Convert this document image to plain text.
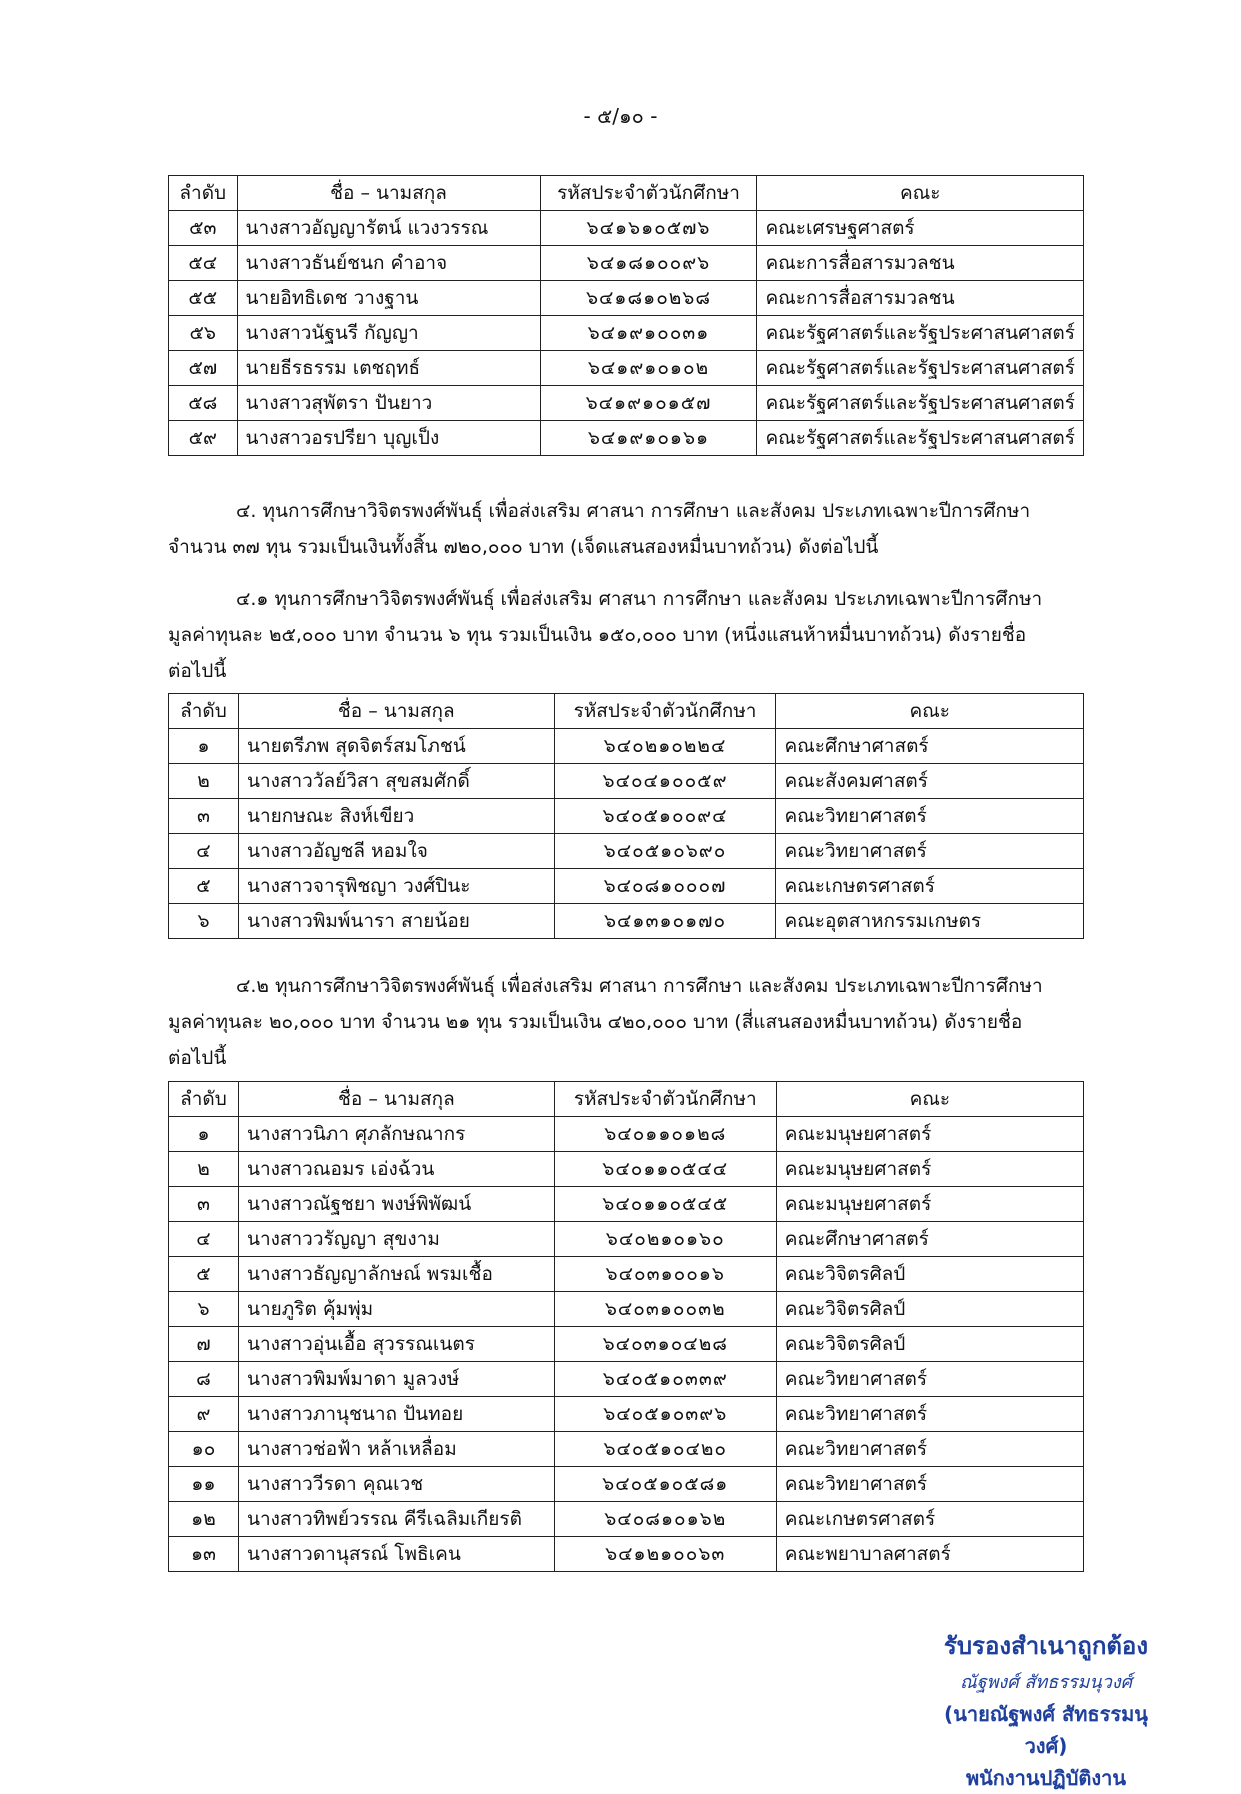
- ๕/๑๐ -
ลำดับ	ชื่อ – นามสกุล	รหัสประจำตัวนักศึกษา	คณะ
๕๓	นางสาวอัญญารัตน์ แวงวรรณ	๖๔๑๖๑๐๕๗๖	คณะเศรษฐศาสตร์
๕๔	นางสาวธันย์ชนก คำอาจ	๖๔๑๘๑๐๐๙๖	คณะการสื่อสารมวลชน
๕๕	นายอิทธิเดช วางฐาน	๖๔๑๘๑๐๒๖๘	คณะการสื่อสารมวลชน
๕๖	นางสาวนัฐนรี กัญญา	๖๔๑๙๑๐๐๓๑	คณะรัฐศาสตร์และรัฐประศาสนศาสตร์
๕๗	นายธีรธรรม เตชฤทธ์	๖๔๑๙๑๐๑๐๒	คณะรัฐศาสตร์และรัฐประศาสนศาสตร์
๕๘	นางสาวสุพัตรา ปันยาว	๖๔๑๙๑๐๑๕๗	คณะรัฐศาสตร์และรัฐประศาสนศาสตร์
๕๙	นางสาวอรปรียา บุญเป็ง	๖๔๑๙๑๐๑๖๑	คณะรัฐศาสตร์และรัฐประศาสนศาสตร์
๔. ทุนการศึกษาวิจิตรพงศ์พันธุ์ เพื่อส่งเสริม ศาสนา การศึกษา และสังคม ประเภทเฉพาะปีการศึกษา
จำนวน ๓๗ ทุน รวมเป็นเงินทั้งสิ้น ๗๒๐,๐๐๐ บาท (เจ็ดแสนสองหมื่นบาทถ้วน) ดังต่อไปนี้
๔.๑ ทุนการศึกษาวิจิตรพงศ์พันธุ์ เพื่อส่งเสริม ศาสนา การศึกษา และสังคม ประเภทเฉพาะปีการศึกษา
มูลค่าทุนละ ๒๕,๐๐๐ บาท จำนวน ๖ ทุน รวมเป็นเงิน ๑๕๐,๐๐๐ บาท (หนึ่งแสนห้าหมื่นบาทถ้วน) ดังรายชื่อ
ต่อไปนี้
ลำดับ	ชื่อ – นามสกุล	รหัสประจำตัวนักศึกษา	คณะ
๑	นายตรีภพ สุดจิตร์สมโภชน์	๖๔๐๒๑๐๒๒๔	คณะศึกษาศาสตร์
๒	นางสาววัลย์วิสา สุขสมศักดิ์	๖๔๐๔๑๐๐๕๙	คณะสังคมศาสตร์
๓	นายกษณะ สิงห์เขียว	๖๔๐๕๑๐๐๙๔	คณะวิทยาศาสตร์
๔	นางสาวอัญชลี หอมใจ	๖๔๐๕๑๐๖๙๐	คณะวิทยาศาสตร์
๕	นางสาวจารุพิชญา วงศ์ปินะ	๖๔๐๘๑๐๐๐๗	คณะเกษตรศาสตร์
๖	นางสาวพิมพ์นารา สายน้อย	๖๔๑๓๑๐๑๗๐	คณะอุตสาหกรรมเกษตร
๔.๒ ทุนการศึกษาวิจิตรพงศ์พันธุ์ เพื่อส่งเสริม ศาสนา การศึกษา และสังคม ประเภทเฉพาะปีการศึกษา
มูลค่าทุนละ ๒๐,๐๐๐ บาท จำนวน ๒๑ ทุน รวมเป็นเงิน ๔๒๐,๐๐๐ บาท (สี่แสนสองหมื่นบาทถ้วน) ดังรายชื่อ
ต่อไปนี้
ลำดับ	ชื่อ – นามสกุล	รหัสประจำตัวนักศึกษา	คณะ
๑	นางสาวนิภา ศุภลักษณากร	๖๔๐๑๑๐๑๒๘	คณะมนุษยศาสตร์
๒	นางสาวณอมร เอ่งฉ้วน	๖๔๐๑๑๐๕๔๔	คณะมนุษยศาสตร์
๓	นางสาวณัฐชยา พงษ์พิพัฒน์	๖๔๐๑๑๐๕๔๕	คณะมนุษยศาสตร์
๔	นางสาววรัญญา สุขงาม	๖๔๐๒๑๐๑๖๐	คณะศึกษาศาสตร์
๕	นางสาวธัญญาลักษณ์ พรมเชื้อ	๖๔๐๓๑๐๐๑๖	คณะวิจิตรศิลป์
๖	นายภูริต คุ้มพุ่ม	๖๔๐๓๑๐๐๓๒	คณะวิจิตรศิลป์
๗	นางสาวอุ่นเอื้อ สุวรรณเนตร	๖๔๐๓๑๐๔๒๘	คณะวิจิตรศิลป์
๘	นางสาวพิมพ์มาดา มูลวงษ์	๖๔๐๕๑๐๓๓๙	คณะวิทยาศาสตร์
๙	นางสาวภานุชนาถ ปันทอย	๖๔๐๕๑๐๓๙๖	คณะวิทยาศาสตร์
๑๐	นางสาวช่อฟ้า หล้าเหลื่อม	๖๔๐๕๑๐๔๒๐	คณะวิทยาศาสตร์
๑๑	นางสาววีรดา คุณเวช	๖๔๐๕๑๐๕๘๑	คณะวิทยาศาสตร์
๑๒	นางสาวทิพย์วรรณ คีรีเฉลิมเกียรติ	๖๔๐๘๑๐๑๖๒	คณะเกษตรศาสตร์
๑๓	นางสาวดานุสรณ์ โพธิเคน	๖๔๑๒๑๐๐๖๓	คณะพยาบาลศาสตร์
รับรองสำเนาถูกต้อง
ณัฐพงศ์ สัทธรรมนุวงศ์
(นายณัฐพงศ์ สัทธรรมนุวงศ์)
พนักงานปฏิบัติงาน
